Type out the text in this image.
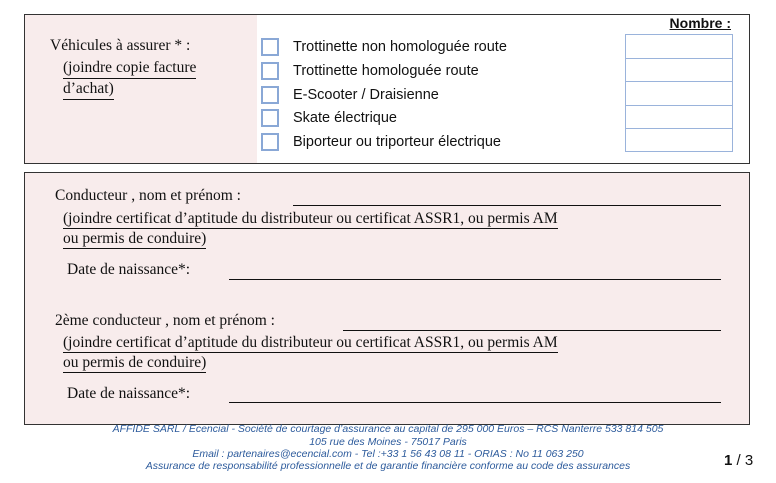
Véhicules à assurer * :
(joindre copie facture
d’achat)
Nombre :
Trottinette non homologuée route
Trottinette homologuée route
E-Scooter / Draisienne
Skate électrique
Biporteur ou triporteur électrique
Conducteur , nom et prénom :
(joindre certificat d’aptitude du distributeur ou certificat ASSR1, ou permis AM
ou permis de conduire)
Date de naissance*:
2ème conducteur , nom et prénom :
(joindre certificat d’aptitude du distributeur ou certificat ASSR1, ou permis AM
ou permis de conduire)
Date de naissance*:
AFFIDE SARL / Ecencial - Société de courtage d’assurance au capital de 295 000 Euros – RCS Nanterre 533 814 505
105 rue des Moines - 75017 Paris
Email : partenaires@ecencial.com - Tel :+33 1 56 43 08 11 - ORIAS : No 11 063 250
Assurance de responsabilité professionnelle et de garantie financière conforme au code des assurances	1 / 3
